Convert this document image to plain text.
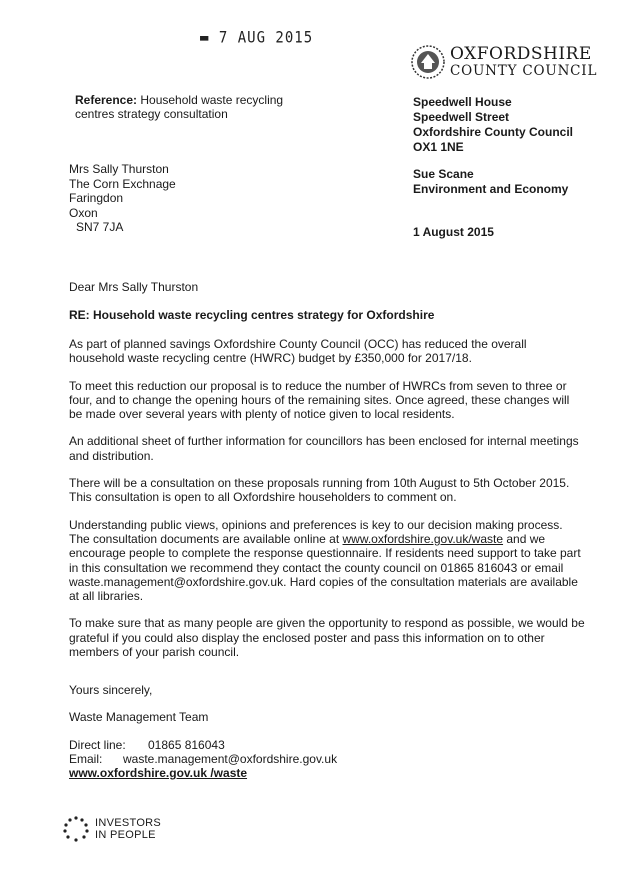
▬ 7 AUG 2015
OXFORDSHIRE
COUNTY COUNCIL
Reference: Household waste recycling centres strategy consultation
Speedwell House
Speedwell Street
Oxfordshire County Council
OX1 1NE
Sue Scane
Environment and Economy
1 August 2015
Mrs Sally Thurston
The Corn Exchnage
Faringdon
Oxon
SN7 7JA
Dear Mrs Sally Thurston
RE: Household waste recycling centres strategy for Oxfordshire

As part of planned savings Oxfordshire County Council (OCC) has reduced the overall household waste recycling centre (HWRC) budget by £350,000 for 2017/18.

To meet this reduction our proposal is to reduce the number of HWRCs from seven to three or four, and to change the opening hours of the remaining sites. Once agreed, these changes will be made over several years with plenty of notice given to local residents.

An additional sheet of further information for councillors has been enclosed for internal meetings and distribution.

There will be a consultation on these proposals running from 10th August to 5th October 2015. This consultation is open to all Oxfordshire householders to comment on.

Understanding public views, opinions and preferences is key to our decision making process. The consultation documents are available online at www.oxfordshire.gov.uk/waste and we encourage people to complete the response questionnaire. If residents need support to take part in this consultation we recommend they contact the county council on 01865 816043 or email waste.management@oxfordshire.gov.uk. Hard copies of the consultation materials are available at all libraries.

To make sure that as many people are given the opportunity to respond as possible, we would be grateful if you could also display the enclosed poster and pass this information on to other members of your parish council.

Yours sincerely,

Waste Management Team

Direct line:	01865 816043
Email:	waste.management@oxfordshire.gov.uk
www.oxfordshire.gov.uk /waste
INVESTORS
IN PEOPLE
